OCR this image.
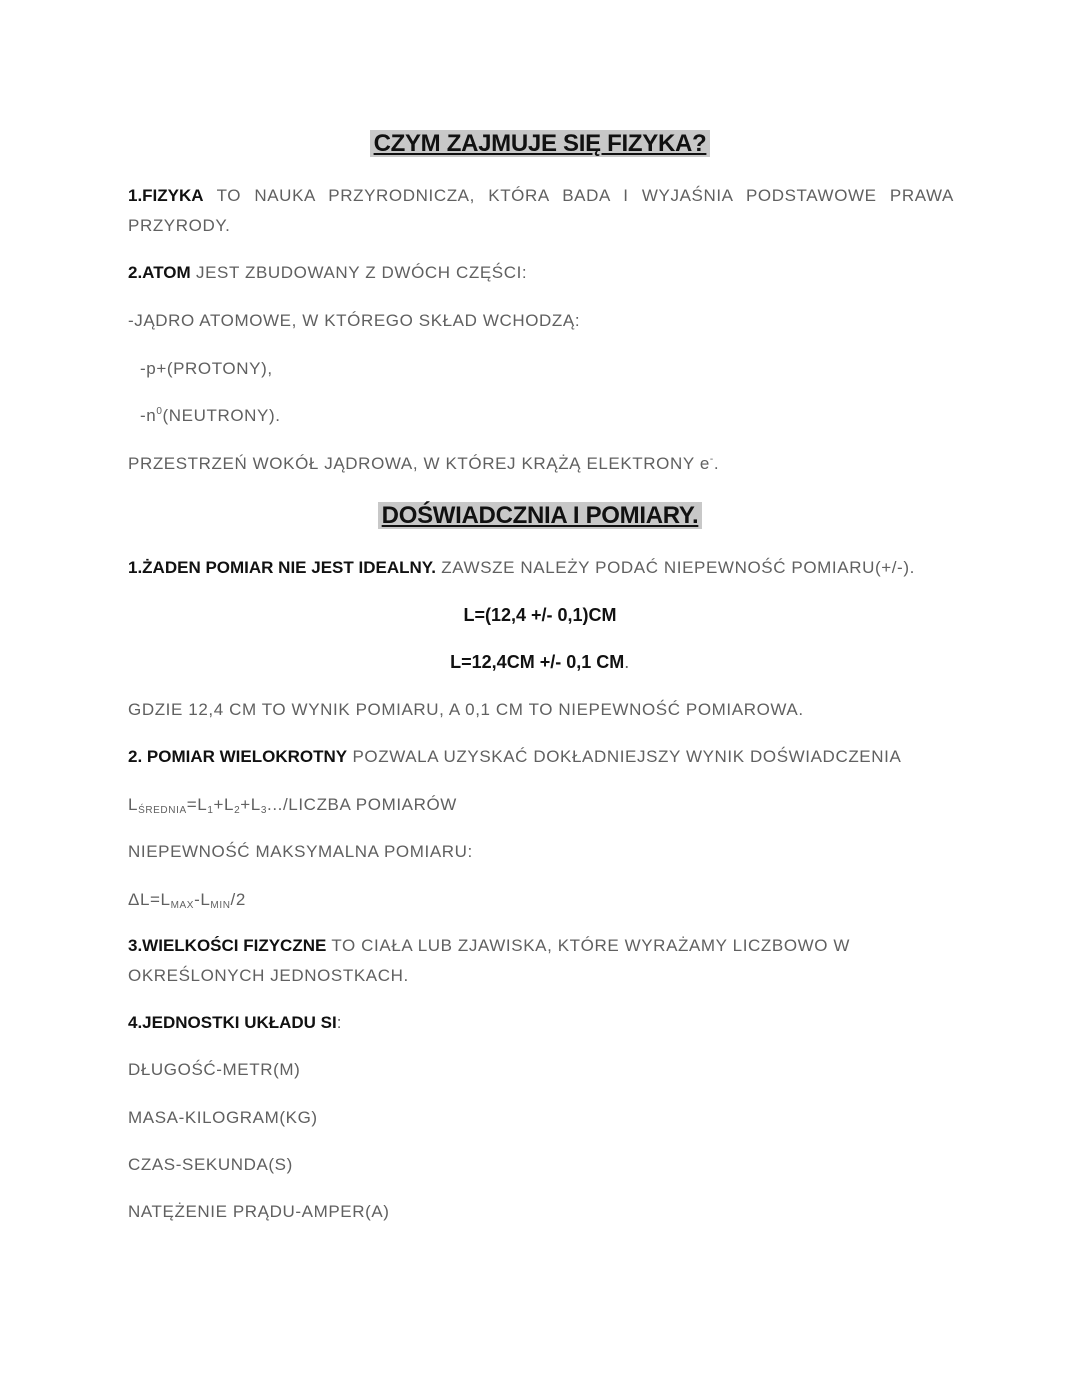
CZYM ZAJMUJE SIĘ FIZYKA?
1.FIZYKA TO NAUKA PRZYRODNICZA, KTÓRA BADA I WYJAŚNIA PODSTAWOWE PRAWA
PRZYRODY.
2.ATOM JEST ZBUDOWANY Z DWÓCH CZĘŚCI:
-JĄDRO ATOMOWE, W KTÓREGO SKŁAD WCHODZĄ:
-p+(PROTONY),
$-n^0(NEUTRONY)$.
PRZESTRZEŃ WOKÓŁ JĄDROWA, W KTÓREJ KRĄŻĄ ELEKTRONY e-.
DOŚWIADCZNIA I POMIARY.
1.ŻADEN POMIAR NIE JEST IDEALNY. ZAWSZE NALEŻY PODAĆ NIEPEWNOŚĆ POMIARU(+/-).
L=(12,4 +/- 0,1)CM
L=12,4CM +/- 0,1 CM.
GDZIE 12,4 CM TO WYNIK POMIARU, A 0,1 CM TO NIEPEWNOŚĆ POMIAROWA.
2. POMIAR WIELOKROTNY POZWALA UZYSKAĆ DOKŁADNIEJSZY WYNIK DOŚWIADCZENIA
$L_{ŚREDNIA}=L_1+L_2+L_3$.../LICZBA POMIARÓW
NIEPEWNOŚĆ MAKSYMALNA POMIARU:
$\Delta L=L_{MAX}-L_{MIN}/2$
3.WIELKOŚCI FIZYCZNE TO CIAŁA LUB ZJAWISKA, KTÓRE WYRAŻAMY LICZBOWO W
OKREŚLONYCH JEDNOSTKACH.
4.JEDNOSTKI UKŁADU SI:
DŁUGOŚĆ-METR(M)
MASA-KILOGRAM(KG)
CZAS-SEKUNDA(S)
NATĘŻENIE PRĄDU-AMPER(A)
